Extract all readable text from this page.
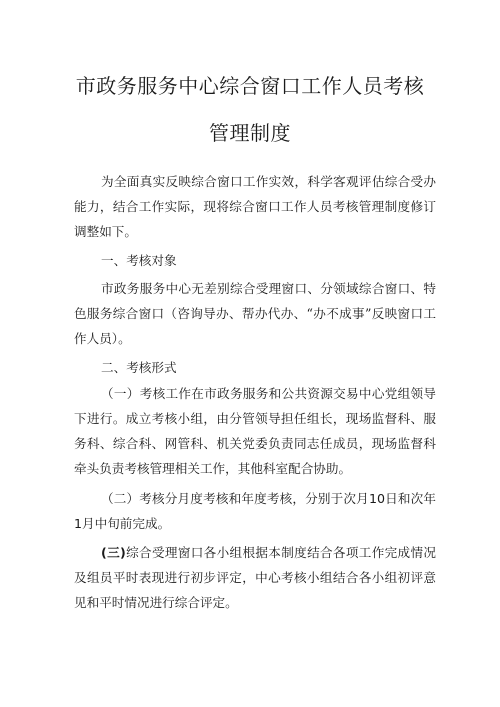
市政务服务中心综合窗口工作人员考核
管理制度

为全面真实反映综合窗口工作实效，科学客观评估综合受办能力，结合工作实际，现将综合窗口工作人员考核管理制度修订调整如下。

一、考核对象

市政务服务中心无差别综合受理窗口、分领域综合窗口、特色服务综合窗口（咨询导办、帮办代办、“办不成事”反映窗口工作人员）。

二、考核形式

（一）考核工作在市政务服务和公共资源交易中心党组领导下进行。成立考核小组，由分管领导担任组长，现场监督科、服务科、综合科、网管科、机关党委负责同志任成员，现场监督科牵头负责考核管理相关工作，其他科室配合协助。

（二）考核分月度考核和年度考核，分别于次月10日和次年1月中旬前完成。

(三)综合受理窗口各小组根据本制度结合各项工作完成情况及组员平时表现进行初步评定，中心考核小组结合各小组初评意见和平时情况进行综合评定。
